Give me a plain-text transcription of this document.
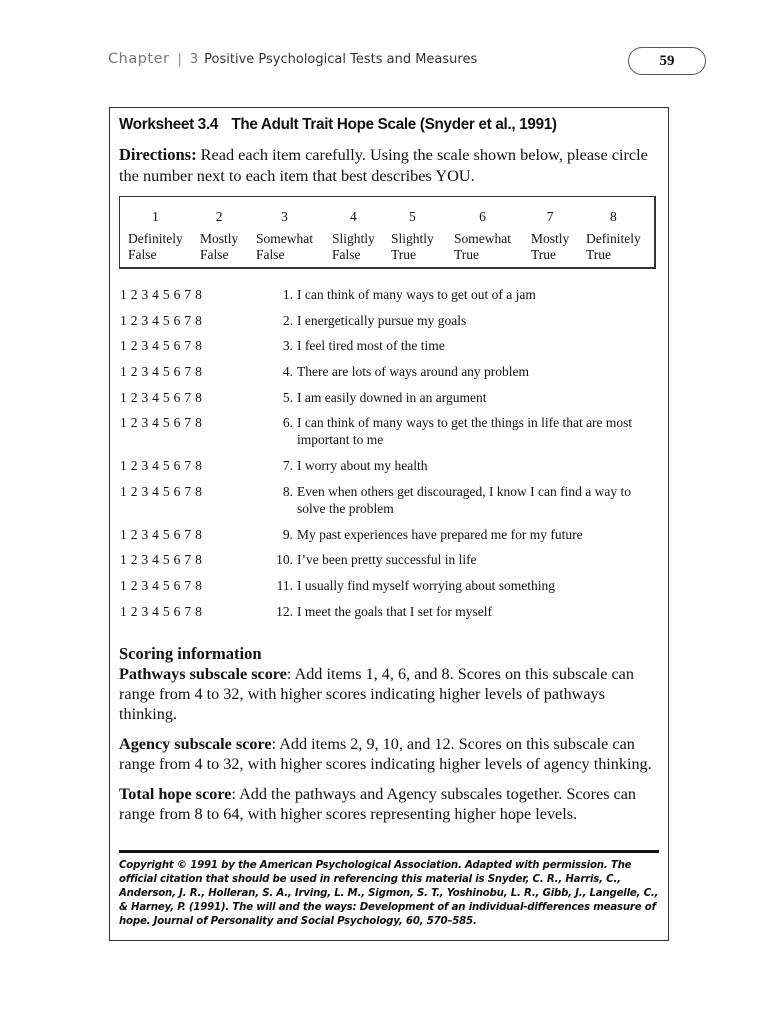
Chapter | 3 Positive Psychological Tests and Measures	59
Worksheet 3.4 The Adult Trait Hope Scale (Snyder et al., 1991)
Directions: Read each item carefully. Using the scale shown below, please circle the number next to each item that best describes YOU.
1
Definitely
False
2
Mostly
False
3
Somewhat
False
4
Slightly
False
5
Slightly
True
6
Somewhat
True
7
Mostly
True
8
Definitely
True
1 2 3 4 5 6 7 8	1. I can think of many ways to get out of a jam
1 2 3 4 5 6 7 8	2. I energetically pursue my goals
1 2 3 4 5 6 7 8	3. I feel tired most of the time
1 2 3 4 5 6 7 8	4. There are lots of ways around any problem
1 2 3 4 5 6 7 8	5. I am easily downed in an argument
1 2 3 4 5 6 7 8	6. I can think of many ways to get the things in life that are most important to me
1 2 3 4 5 6 7 8	7. I worry about my health
1 2 3 4 5 6 7 8	8. Even when others get discouraged, I know I can find a way to solve the problem
1 2 3 4 5 6 7 8	9. My past experiences have prepared me for my future
1 2 3 4 5 6 7 8	10. I’ve been pretty successful in life
1 2 3 4 5 6 7 8	11. I usually find myself worrying about something
1 2 3 4 5 6 7 8	12. I meet the goals that I set for myself
Scoring information

Pathways subscale score: Add items 1, 4, 6, and 8. Scores on this subscale can range from 4 to 32, with higher scores indicating higher levels of pathways thinking.

Agency subscale score: Add items 2, 9, 10, and 12. Scores on this subscale can range from 4 to 32, with higher scores indicating higher levels of agency thinking.

Total hope score: Add the pathways and Agency subscales together. Scores can range from 8 to 64, with higher scores representing higher hope levels.

Copyright © 1991 by the American Psychological Association. Adapted with permission. The official citation that should be used in referencing this material is Snyder, C. R., Harris, C., Anderson, J. R., Holleran, S. A., Irving, L. M., Sigmon, S. T., Yoshinobu, L. R., Gibb, J., Langelle, C., & Harney, P. (1991). The will and the ways: Development of an individual-differences measure of hope. Journal of Personality and Social Psychology, 60, 570–585.
